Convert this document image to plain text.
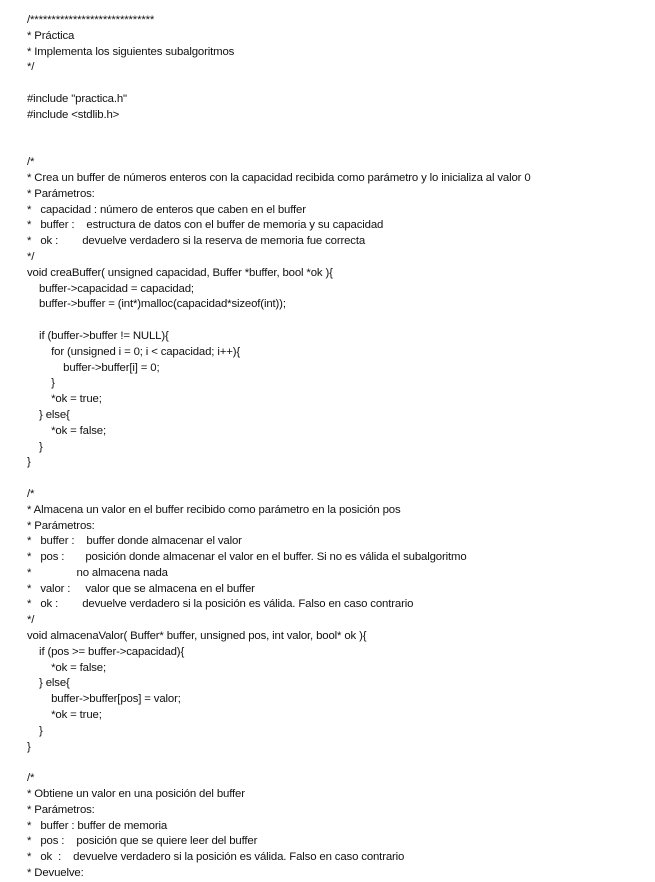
/*****************************
* Práctica
* Implementa los siguientes subalgoritmos
*/
#include "practica.h"
#include <stdlib.h>
/*
* Crea un buffer de números enteros con la capacidad recibida como parámetro y lo inicializa al valor 0
* Parámetros:
*   capacidad : número de enteros que caben en el buffer
*   buffer :    estructura de datos con el buffer de memoria y su capacidad
*   ok :        devuelve verdadero si la reserva de memoria fue correcta
*/
void creaBuffer( unsigned capacidad, Buffer *buffer, bool *ok ){
buffer->capacidad = capacidad;
buffer->buffer = (int*)malloc(capacidad*sizeof(int));
if (buffer->buffer != NULL){
for (unsigned i = 0; i < capacidad; i++){
buffer->buffer[i] = 0;
}
*ok = true;
} else{
*ok = false;
}
}
/*
* Almacena un valor en el buffer recibido como parámetro en la posición pos
* Parámetros:
*   buffer :    buffer donde almacenar el valor
*   pos :       posición donde almacenar el valor en el buffer. Si no es válida el subalgoritmo
*               no almacena nada
*   valor :     valor que se almacena en el buffer
*   ok :        devuelve verdadero si la posición es válida. Falso en caso contrario
*/
void almacenaValor( Buffer* buffer, unsigned pos, int valor, bool* ok ){
if (pos >= buffer->capacidad){
*ok = false;
} else{
buffer->buffer[pos] = valor;
*ok = true;
}
}
/*
* Obtiene un valor en una posición del buffer
* Parámetros:
*   buffer : buffer de memoria
*   pos :    posición que se quiere leer del buffer
*   ok  :    devuelve verdadero si la posición es válida. Falso en caso contrario
* Devuelve:
